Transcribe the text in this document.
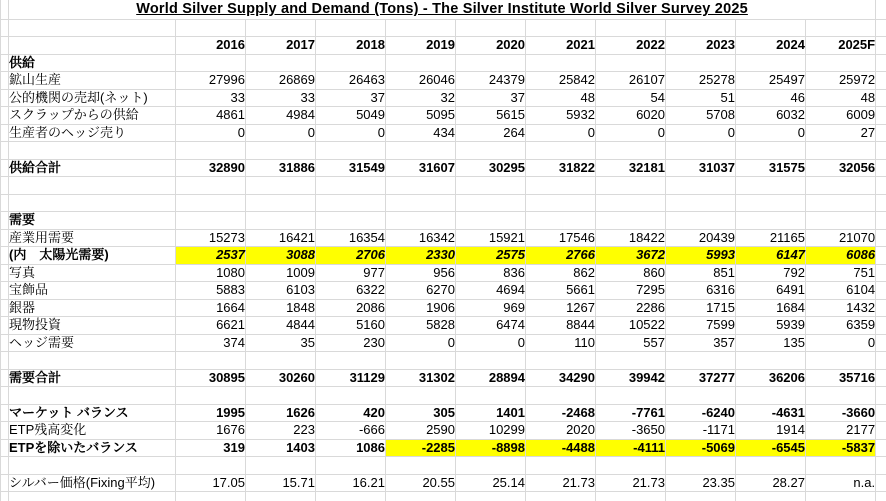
	World Silver Supply and Demand (Tons) - The Silver Institute World Silver Survey 2025											

		2016	2017	2018	2019	2020	2021	2022	2023	2024	2025F	
	供給											
	鉱山生産	27996	26869	26463	26046	24379	25842	26107	25278	25497	25972	
	公的機関の売却(ネット)	33	33	37	32	37	48	54	51	46	48	
	スクラップからの供給	4861	4984	5049	5095	5615	5932	6020	5708	6032	6009	
	生産者のヘッジ売り	0	0	0	434	264	0	0	0	0	27	

	供給合計	32890	31886	31549	31607	30295	31822	32181	31037	31575	32056	

	需要											
	産業用需要	15273	16421	16354	16342	15921	17546	18422	20439	21165	21070	
	(内　太陽光需要)	2537	3088	2706	2330	2575	2766	3672	5993	6147	6086	
	写真	1080	1009	977	956	836	862	860	851	792	751	
	宝飾品	5883	6103	6322	6270	4694	5661	7295	6316	6491	6104	
	銀器	1664	1848	2086	1906	969	1267	2286	1715	1684	1432	
	現物投資	6621	4844	5160	5828	6474	8844	10522	7599	5939	6359	
	ヘッジ需要	374	35	230	0	0	110	557	357	135	0	

	需要合計	30895	30260	31129	31302	28894	34290	39942	37277	36206	35716	

	マーケット バランス	1995	1626	420	305	1401	-2468	-7761	-6240	-4631	-3660	
	ETP残高変化	1676	223	-666	2590	10299	2020	-3650	-1171	1914	2177	
	ETPを除いたバランス	319	1403	1086	-2285	-8898	-4488	-4111	-5069	-6545	-5837	

	シルバー価格(Fixing平均)	17.05	15.71	16.21	20.55	25.14	21.73	21.73	23.35	28.27	n.a.	
